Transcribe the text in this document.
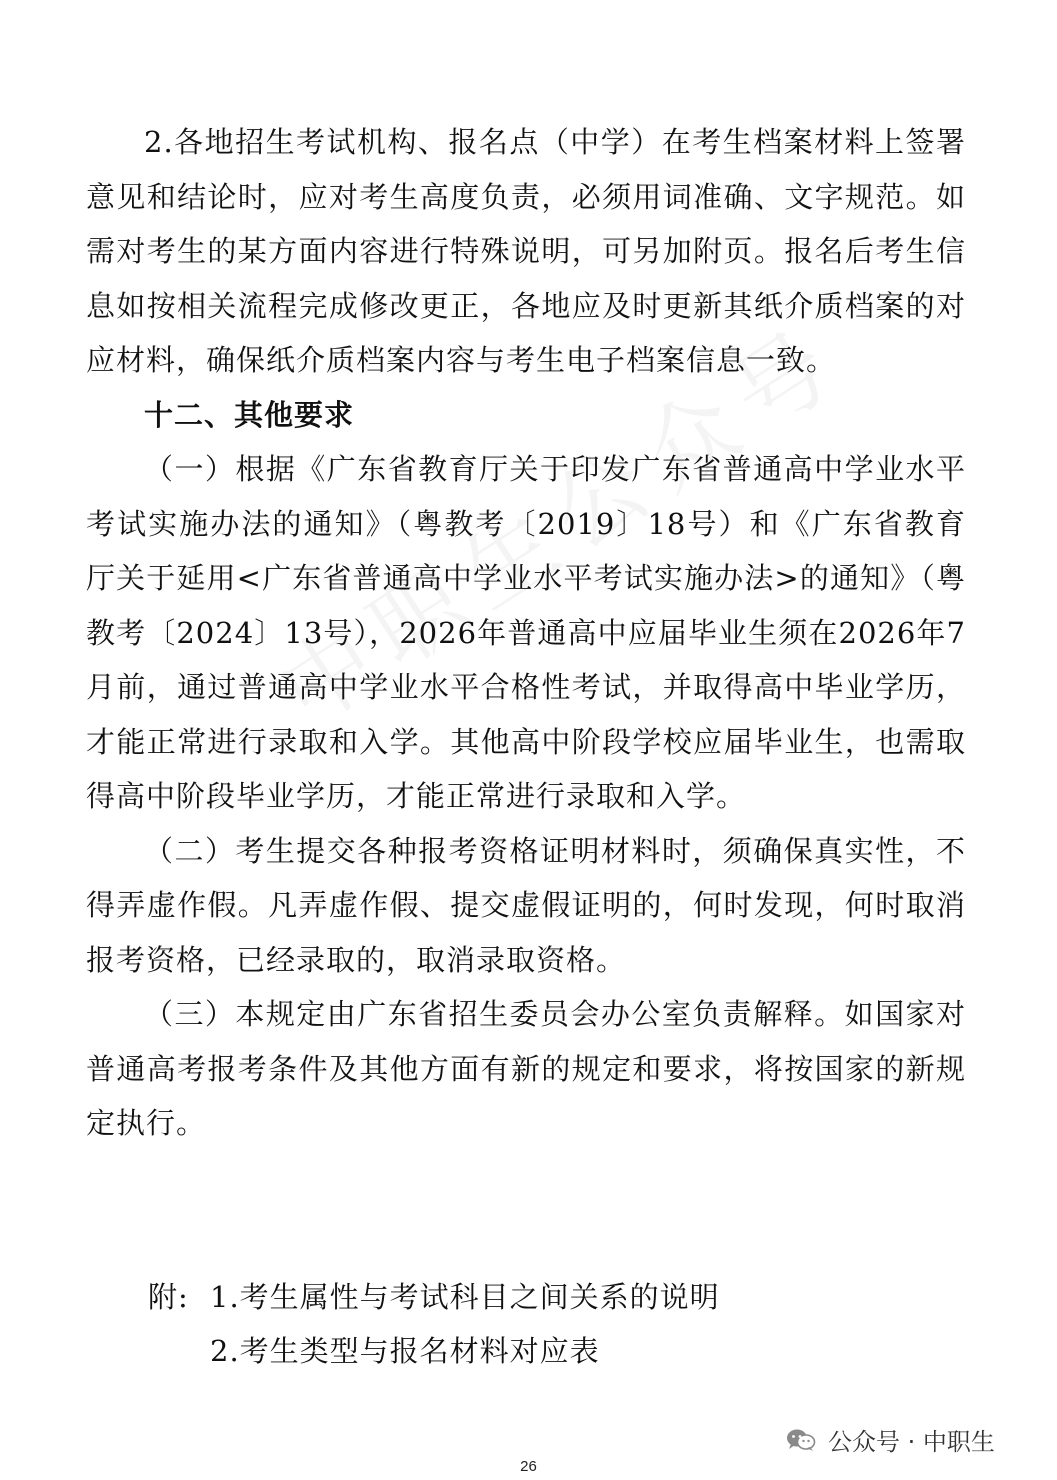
2.各地招生考试机构、报名点（中学）在考生档案材料上签署意见和结论时，应对考生高度负责，必须用词准确、文字规范。如需对考生的某方面内容进行特殊说明，可另加附页。报名后考生信息如按相关流程完成修改更正，各地应及时更新其纸介质档案的对应材料，确保纸介质档案内容与考生电子档案信息一致。

十二、其他要求

（一）根据《广东省教育厅关于印发广东省普通高中学业水平考试实施办法的通知》（粤教考〔2019〕18号）和《广东省教育厅关于延用<广东省普通高中学业水平考试实施办法>的通知》（粤教考〔2024〕13号），2026年普通高中应届毕业生须在2026年7月前，通过普通高中学业水平合格性考试，并取得高中毕业学历，才能正常进行录取和入学。其他高中阶段学校应届毕业生，也需取得高中阶段毕业学历，才能正常进行录取和入学。

（二）考生提交各种报考资格证明材料时，须确保真实性，不得弄虚作假。凡弄虚作假、提交虚假证明的，何时发现，何时取消报考资格，已经录取的，取消录取资格。

（三）本规定由广东省招生委员会办公室负责解释。如国家对普通高考报考条件及其他方面有新的规定和要求，将按国家的新规定执行。

附: 1.考生属性与考试科目之间关系的说明
2.考生类型与报名材料对应表
公众号 · 中职生
26
